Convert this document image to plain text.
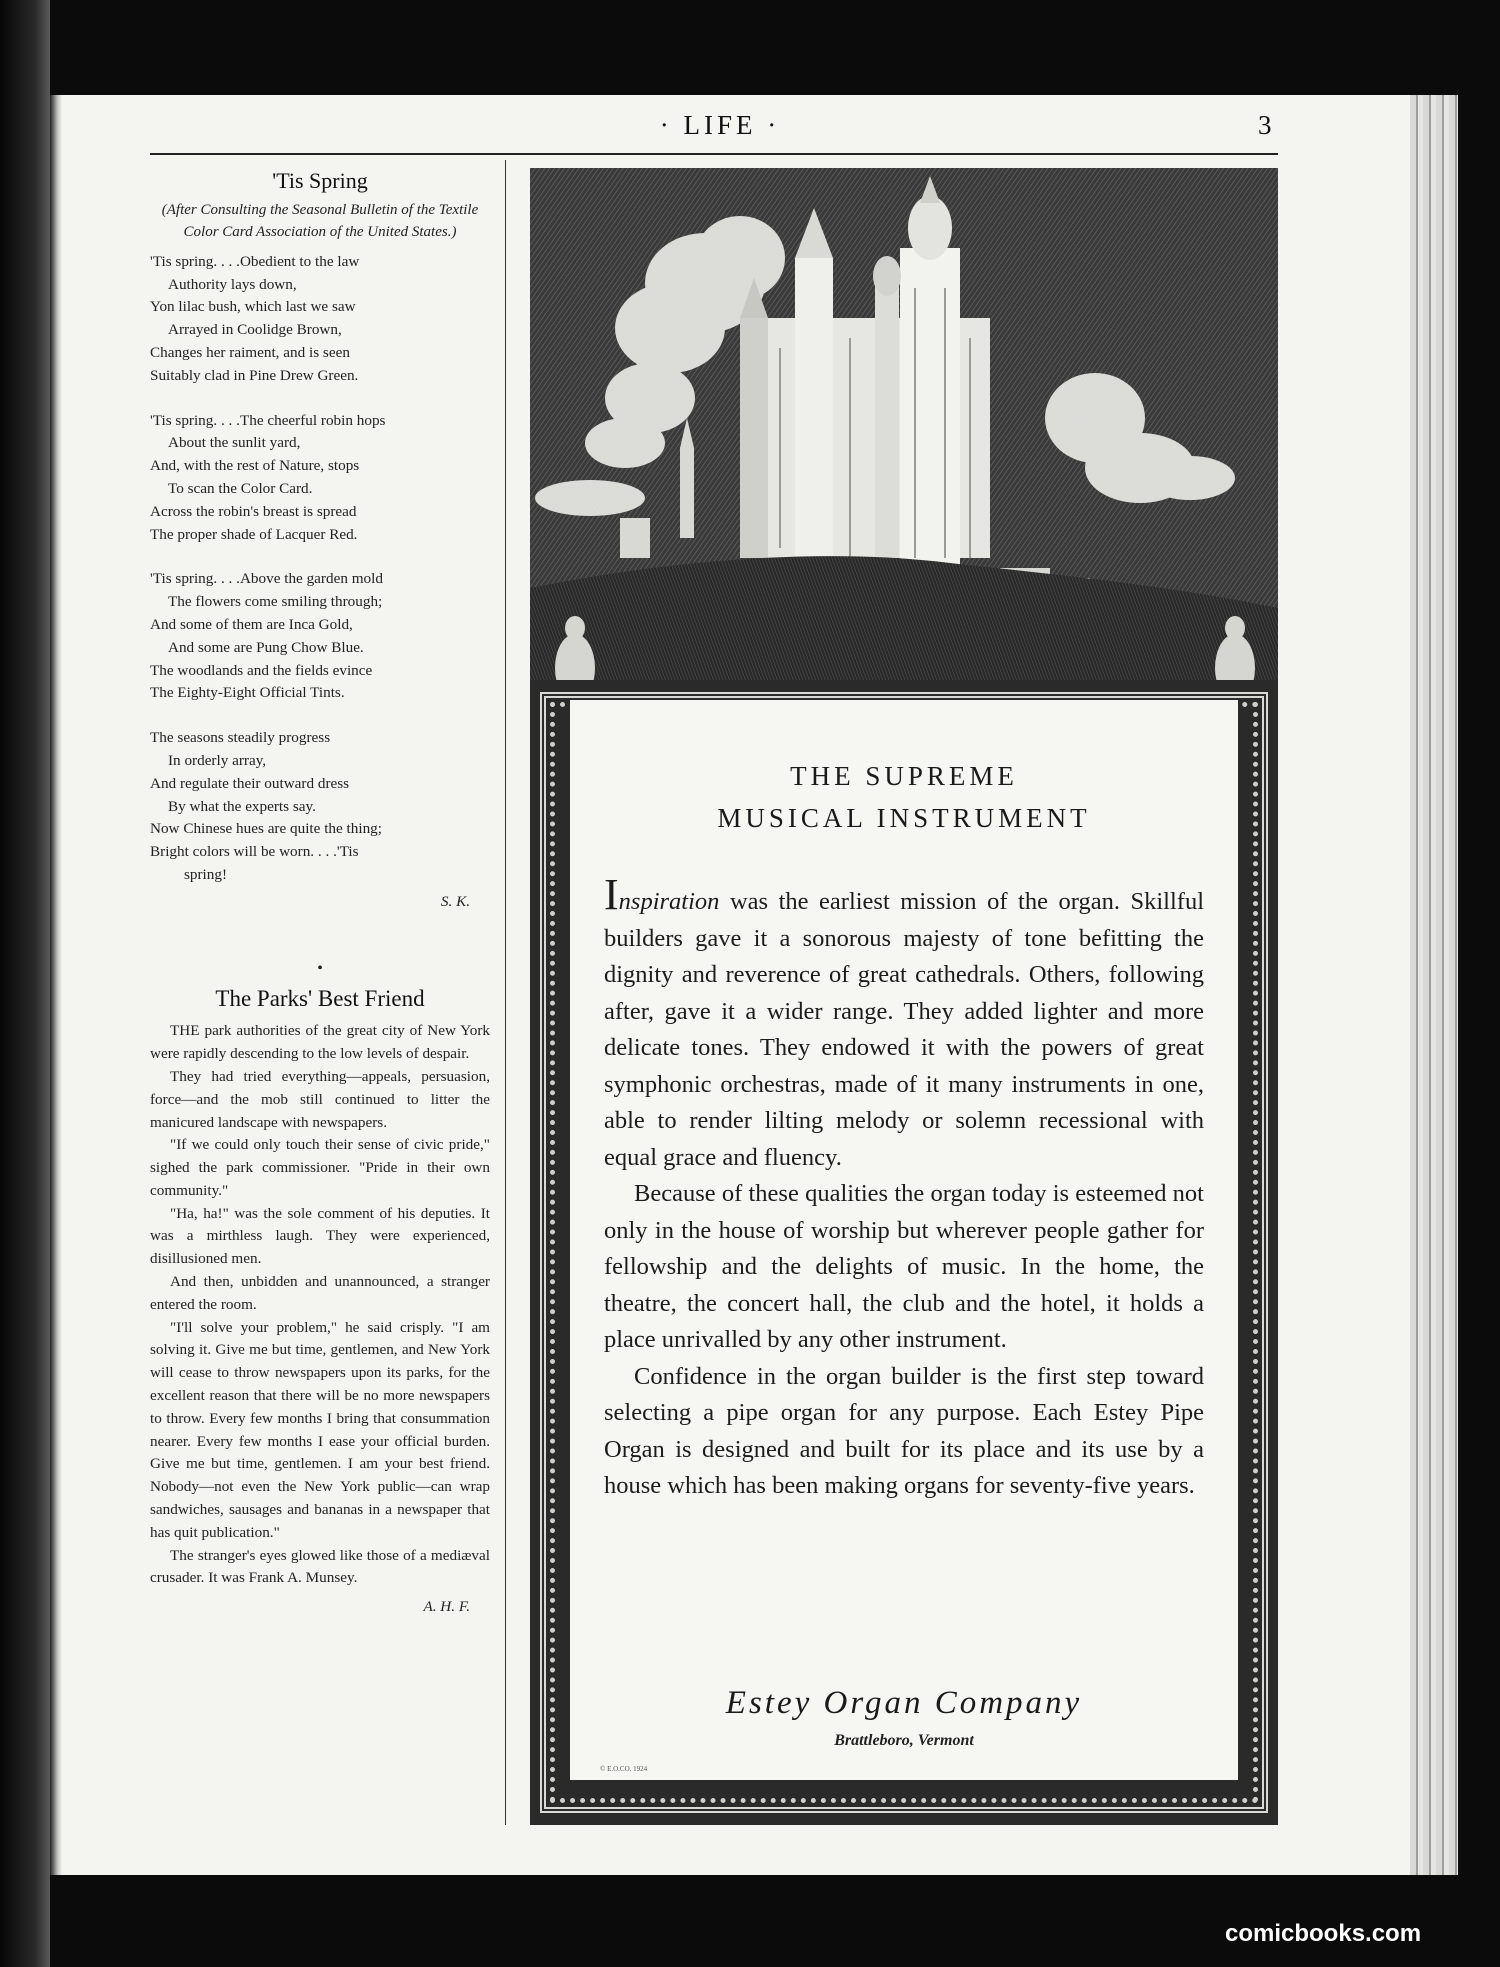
· LIFE ·	3
'Tis Spring
(After Consulting the Seasonal Bulletin of the Textile Color Card Association of the United States.)
'Tis spring. . . .Obedient to the law
Authority lays down,
Yon lilac bush, which last we saw
Arrayed in Coolidge Brown,
Changes her raiment, and is seen
Suitably clad in Pine Drew Green.
'Tis spring. . . .The cheerful robin hops
About the sunlit yard,
And, with the rest of Nature, stops
To scan the Color Card.
Across the robin's breast is spread
The proper shade of Lacquer Red.
'Tis spring. . . .Above the garden mold
The flowers come smiling through;
And some of them are Inca Gold,
And some are Pung Chow Blue.
The woodlands and the fields evince
The Eighty-Eight Official Tints.
The seasons steadily progress
In orderly array,
And regulate their outward dress
By what the experts say.
Now Chinese hues are quite the thing;
Bright colors will be worn. . . .'Tis
spring!
S. K.
•
The Parks' Best Friend

THE park authorities of the great city of New York were rapidly descending to the low levels of despair.

They had tried everything—appeals, persuasion, force—and the mob still continued to litter the manicured landscape with newspapers.

"If we could only touch their sense of civic pride," sighed the park commissioner. "Pride in their own community."

"Ha, ha!" was the sole comment of his deputies. It was a mirthless laugh. They were experienced, disillusioned men.

And then, unbidden and unannounced, a stranger entered the room.

"I'll solve your problem," he said crisply. "I am solving it. Give me but time, gentlemen, and New York will cease to throw newspapers upon its parks, for the excellent reason that there will be no more newspapers to throw. Every few months I bring that consummation nearer. Every few months I ease your official burden. Give me but time, gentlemen. I am your best friend. Nobody—not even the New York public—can wrap sandwiches, sausages and bananas in a newspaper that has quit publication."

The stranger's eyes glowed like those of a mediæval crusader. It was Frank A. Munsey.

A. H. F.
THE SUPREME
MUSICAL INSTRUMENT

Inspiration was the earliest mission of the organ. Skillful builders gave it a sonorous majesty of tone befitting the dignity and reverence of great cathedrals. Others, following after, gave it a wider range. They added lighter and more delicate tones. They endowed it with the powers of great symphonic orchestras, made of it many instruments in one, able to render lilting melody or solemn recessional with equal grace and fluency.

Because of these qualities the organ today is esteemed not only in the house of worship but wherever people gather for fellowship and the delights of music. In the home, the theatre, the concert hall, the club and the hotel, it holds a place unrivalled by any other instrument.

Confidence in the organ builder is the first step toward selecting a pipe organ for any purpose. Each Estey Pipe Organ is designed and built for its place and its use by a house which has been making organs for seventy-five years.

Estey Organ Company
Brattleboro, Vermont
© E.O.CO. 1924
comicbooks.com
